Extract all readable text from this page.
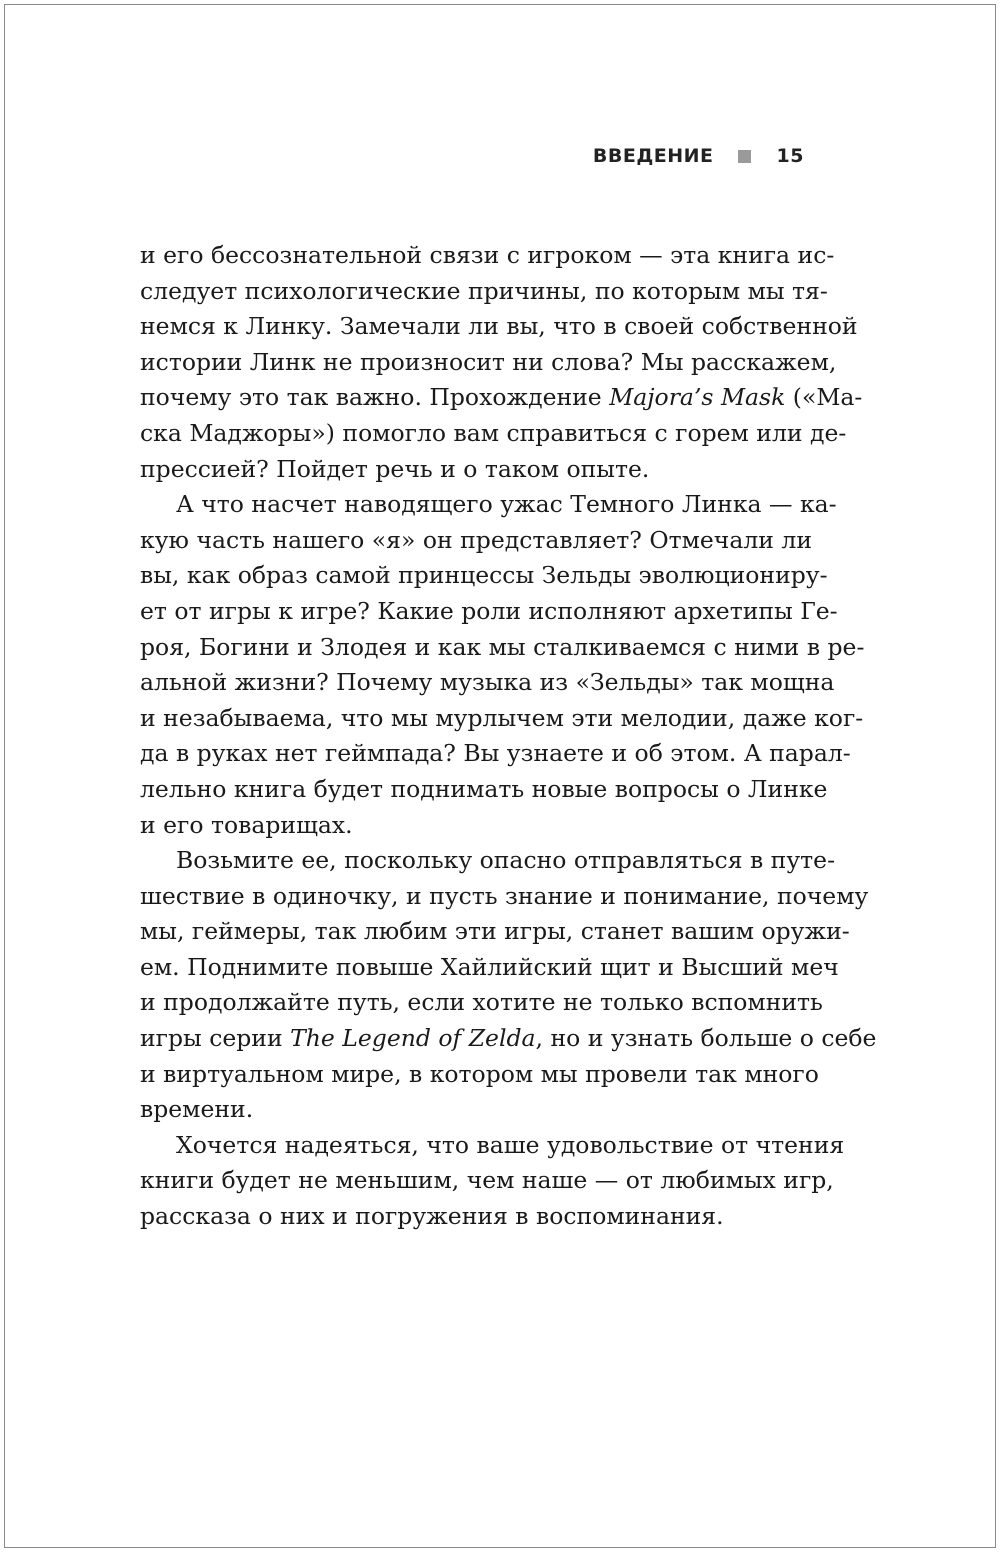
ВВЕДЕНИЕ	15
и его бессознательной связи с игроком — эта книга ис-
следует психологические причины, по которым мы тя-
немся к Линку. Замечали ли вы, что в своей собственной
истории Линк не произносит ни слова? Мы расскажем,
почему это так важно. Прохождение Majora’s Mask («Ма-
ска Маджоры») помогло вам справиться с горем или де-
прессией? Пойдет речь и о таком опыте.
А что насчет наводящего ужас Темного Линка — ка-
кую часть нашего «я» он представляет? Отмечали ли
вы, как образ самой принцессы Зельды эволюциониру-
ет от игры к игре? Какие роли исполняют архетипы Ге-
роя, Богини и Злодея и как мы сталкиваемся с ними в ре-
альной жизни? Почему музыка из «Зельды» так мощна
и незабываема, что мы мурлычем эти мелодии, даже ког-
да в руках нет геймпада? Вы узнаете и об этом. А парал-
лельно книга будет поднимать новые вопросы о Линке
и его товарищах.
Возьмите ее, поскольку опасно отправляться в путе-
шествие в одиночку, и пусть знание и понимание, почему
мы, геймеры, так любим эти игры, станет вашим оружи-
ем. Поднимите повыше Хайлийский щит и Высший меч
и продолжайте путь, если хотите не только вспомнить
игры серии The Legend of Zelda, но и узнать больше о себе
и виртуальном мире, в котором мы провели так много
времени.
Хочется надеяться, что ваше удовольствие от чтения
книги будет не меньшим, чем наше — от любимых игр,
рассказа о них и погружения в воспоминания.
